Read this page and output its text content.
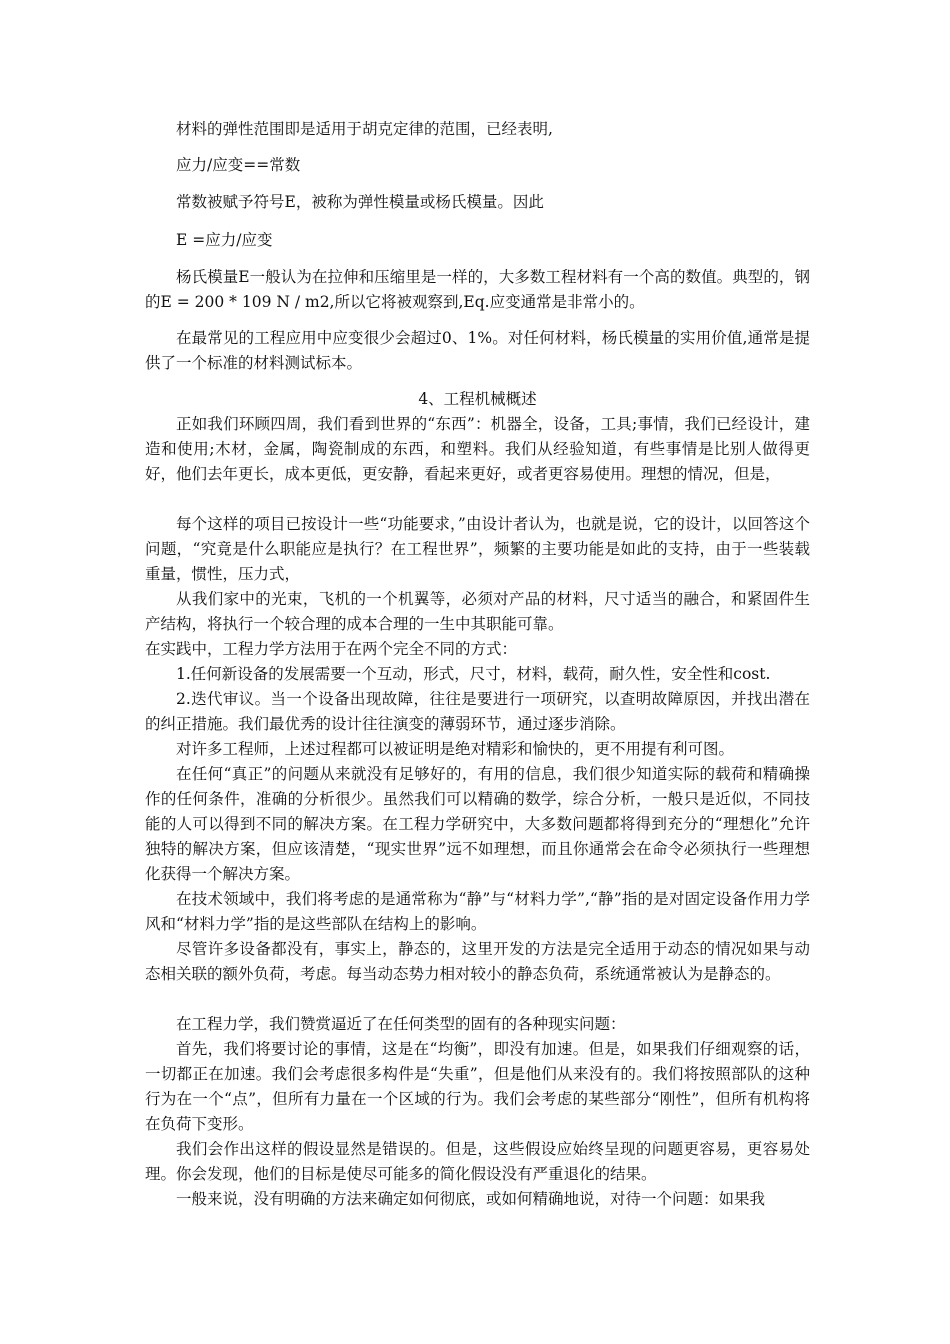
材料的弹性范围即是适用于胡克定律的范围，已经表明,

应力/应变==常数

常数被赋予符号E，被称为弹性模量或杨氏模量。因此

E =应力/应变

杨氏模量E一般认为在拉伸和压缩里是一样的，大多数工程材料有一个高的数值。典型的，钢的E = 200 * 109 N / m2,所以它将被观察到,Eq.应变通常是非常小的。

在最常见的工程应用中应变很少会超过0、1%。对任何材料，杨氏模量的实用价值,通常是提供了一个标准的材料测试标本。

4、工程机械概述

正如我们环顾四周，我们看到世界的“东西”：机器全，设备，工具;事情，我们已经设计，建造和使用;木材，金属，陶瓷制成的东西，和塑料。我们从经验知道，有些事情是比别人做得更好，他们去年更长，成本更低，更安静，看起来更好，或者更容易使用。理想的情况，但是，

每个这样的项目已按设计一些“功能要求，”由设计者认为，也就是说，它的设计，以回答这个问题，“究竟是什么职能应是执行？在工程世界”，频繁的主要功能是如此的支持，由于一些装载重量，惯性，压力式，

从我们家中的光束，飞机的一个机翼等，必须对产品的材料，尺寸适当的融合，和紧固件生产结构，将执行一个较合理的成本合理的一生中其职能可靠。

在实践中，工程力学方法用于在两个完全不同的方式：

1.任何新设备的发展需要一个互动，形式，尺寸，材料，载荷，耐久性，安全性和cost.

2.迭代审议。当一个设备出现故障，往往是要进行一项研究，以查明故障原因，并找出潜在的纠正措施。我们最优秀的设计往往演变的薄弱环节，通过逐步消除。

对许多工程师，上述过程都可以被证明是绝对精彩和愉快的，更不用提有利可图。

在任何“真正”的问题从来就没有足够好的，有用的信息，我们很少知道实际的载荷和精确操作的任何条件，准确的分析很少。虽然我们可以精确的数学，综合分析，一般只是近似，不同技能的人可以得到不同的解决方案。在工程力学研究中，大多数问题都将得到充分的“理想化”允许独特的解决方案，但应该清楚，“现实世界”远不如理想，而且你通常会在命令必须执行一些理想化获得一个解决方案。

在技术领域中，我们将考虑的是通常称为“静”与“材料力学”,“静”指的是对固定设备作用力学风和“材料力学”指的是这些部队在结构上的影响。

尽管许多设备都没有，事实上，静态的，这里开发的方法是完全适用于动态的情况如果与动态相关联的额外负荷，考虑。每当动态势力相对较小的静态负荷，系统通常被认为是静态的。

在工程力学，我们赞赏逼近了在任何类型的固有的各种现实问题：

首先，我们将要讨论的事情，这是在“均衡”，即没有加速。但是，如果我们仔细观察的话，一切都正在加速。我们会考虑很多构件是“失重”，但是他们从来没有的。我们将按照部队的这种行为在一个“点”，但所有力量在一个区域的行为。我们会考虑的某些部分“刚性”，但所有机构将在负荷下变形。

我们会作出这样的假设显然是错误的。但是，这些假设应始终呈现的问题更容易，更容易处理。你会发现，他们的目标是使尽可能多的简化假设没有严重退化的结果。

一般来说，没有明确的方法来确定如何彻底，或如何精确地说，对待一个问题：如果我
